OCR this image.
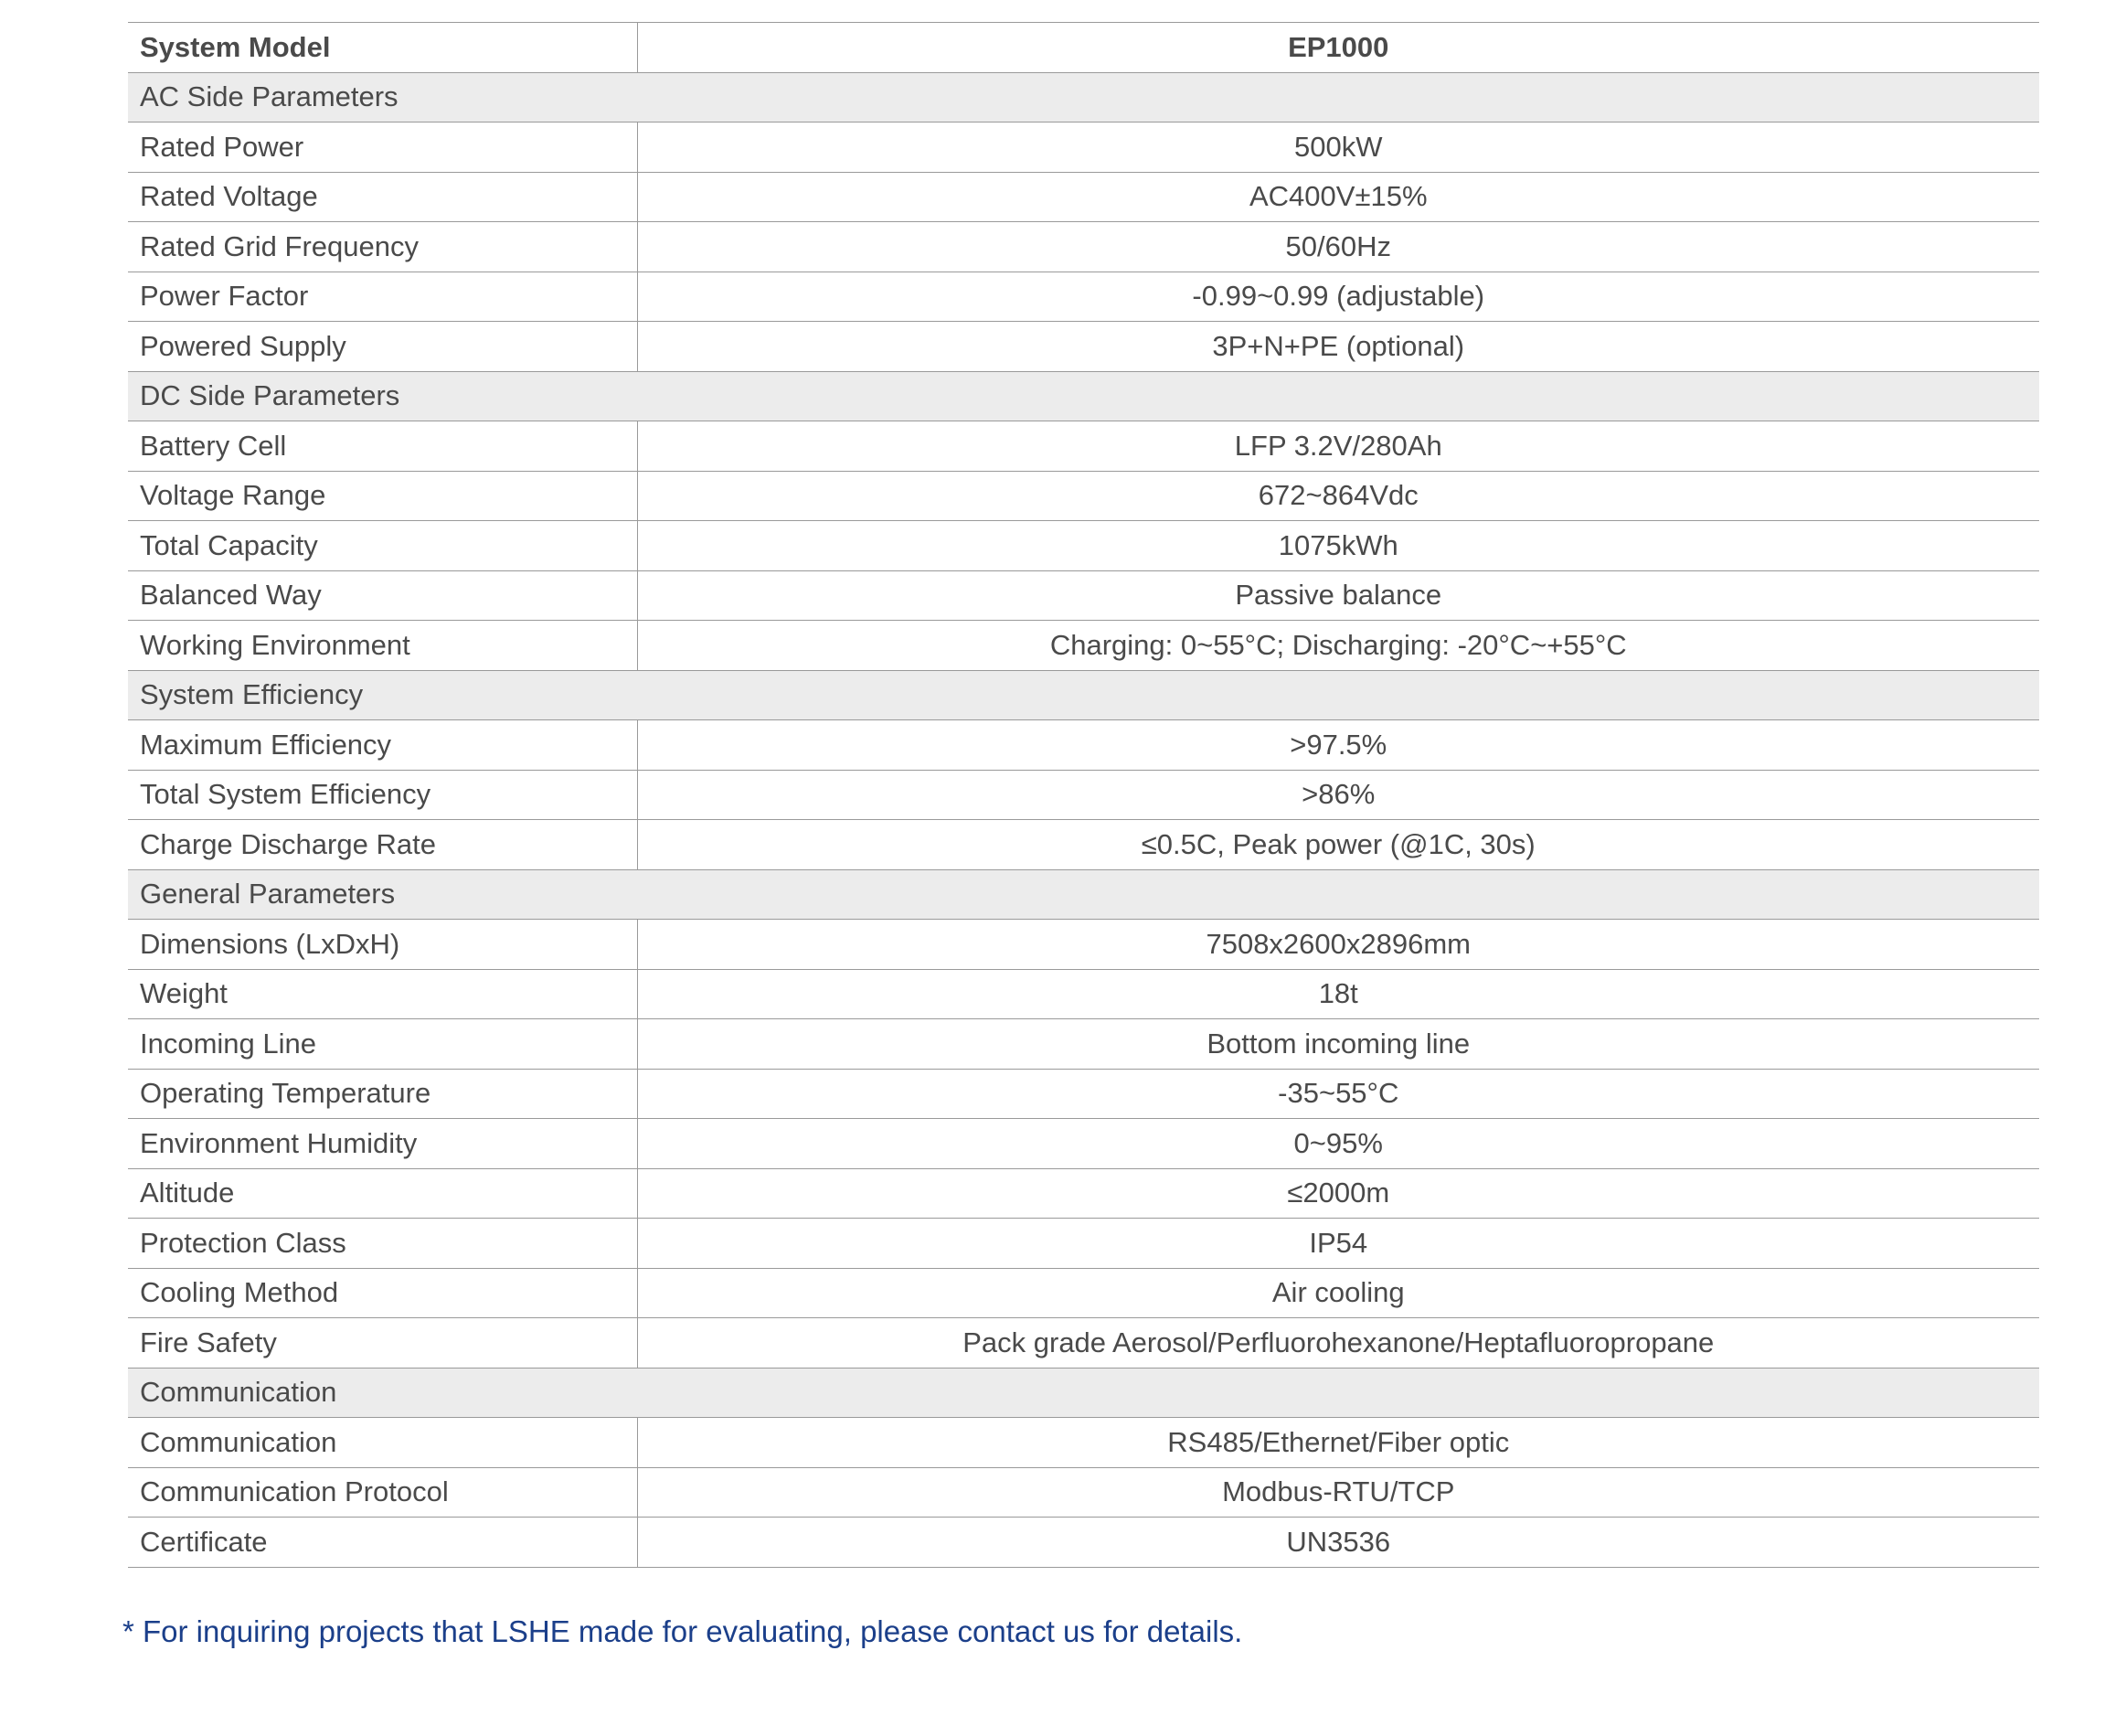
System Model	EP1000
AC Side Parameters	
Rated Power	500kW
Rated Voltage	AC400V±15%
Rated Grid Frequency	50/60Hz
Power Factor	-0.99~0.99 (adjustable)
Powered Supply	3P+N+PE (optional)
DC Side Parameters	
Battery Cell	LFP 3.2V/280Ah
Voltage Range	672~864Vdc
Total Capacity	1075kWh
Balanced Way	Passive balance
Working Environment	Charging: 0~55°C; Discharging: -20°C~+55°C
System Efficiency	
Maximum Efficiency	>97.5%
Total System Efficiency	>86%
Charge Discharge Rate	≤0.5C, Peak power (@1C, 30s)
General Parameters	
Dimensions (LxDxH)	7508x2600x2896mm
Weight	18t
Incoming Line	Bottom incoming line
Operating Temperature	-35~55°C
Environment Humidity	0~95%
Altitude	≤2000m
Protection Class	IP54
Cooling Method	Air cooling
Fire Safety	Pack grade Aerosol/Perfluorohexanone/Heptafluoropropane
Communication	
Communication	RS485/Ethernet/Fiber optic
Communication Protocol	Modbus-RTU/TCP
Certificate	UN3536
* For inquiring projects that LSHE made for evaluating, please contact us for details.
